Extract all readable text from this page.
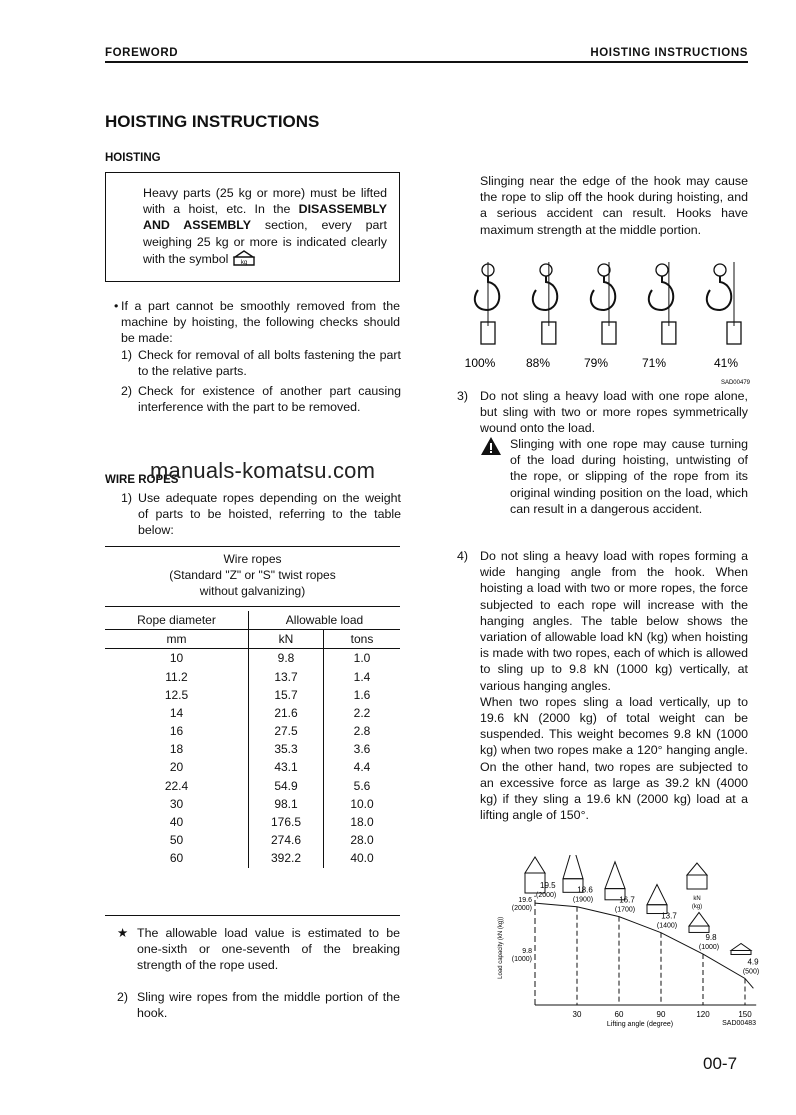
FOREWORD	HOISTING INSTRUCTIONS
HOISTING INSTRUCTIONS
HOISTING

Heavy parts (25 kg or more) must be lifted with a hoist, etc. In the DISASSEMBLY AND ASSEMBLY section, every part weighing 25 kg or more is indicated clearly with the symbol kg

• If a part cannot be smoothly removed from the machine by hoisting, the following checks should be made:

1) Check for removal of all bolts fastening the part to the relative parts.

2) Check for existence of another part causing interference with the part to be removed.

WIRE ROPES
manuals-komatsu.com
1) Use adequate ropes depending on the weight of parts to be hoisted, referring to the table below:

Wire ropes
(Standard "Z" or "S" twist ropes
without galvanizing)
Rope diameter	Allowable load	
mm	kN	tons
10	9.8	1.0
11.2	13.7	1.4
12.5	15.7	1.6
14	21.6	2.2
16	27.5	2.8
18	35.3	3.6
20	43.1	4.4
22.4	54.9	5.6
30	98.1	10.0
40	176.5	18.0
50	274.6	28.0
60	392.2	40.0
★ The allowable load value is estimated to be one-sixth or one-seventh of the breaking strength of the rope used.

2) Sling wire ropes from the middle portion of the hook.

Slinging near the edge of the hook may cause the rope to slip off the hook during hoisting, and a serious accident can result. Hooks have maximum strength at the middle portion.

100%	88%	79%	71%	41%
SAD00479
3) Do not sling a heavy load with one rope alone, but sling with two or more ropes symmetrically wound onto the load.

Slinging with one rope may cause turning of the load during hoisting, untwisting of the rope, or slipping of the rope from its original winding position on the load, which can result in a dangerous accident.

4) Do not sling a heavy load with ropes forming a wide hanging angle from the hook. When hoisting a load with two or more ropes, the force subjected to each rope will increase with the hanging angles. The table below shows the variation of allowable load kN (kg) when hoisting is made with two ropes, each of which is allowed to sling up to 9.8 kN (1000 kg) vertically, at various hanging angles.

When two ropes sling a load vertically, up to 19.6 kN (2000 kg) of total weight can be suspended. This weight becomes 9.8 kN (1000 kg) when two ropes make a 120° hanging angle. On the other hand, two ropes are subjected to an excessive force as large as 39.2 kN (4000 kg) if they sling a 19.6 kN (2000 kg) load at a lifting angle of 150°.

18.6
(1900)	16.7
(1700)
13.7
(1400)
9.8
(1000)
4.9
(500)
19.5
(2000)
19.6
(2000)
9.8
(1000)
30	60	90	120	150
Lifting angle (degree)
Load capacity (kN (kg))
kN
(kg)
SAD00483
00-7
